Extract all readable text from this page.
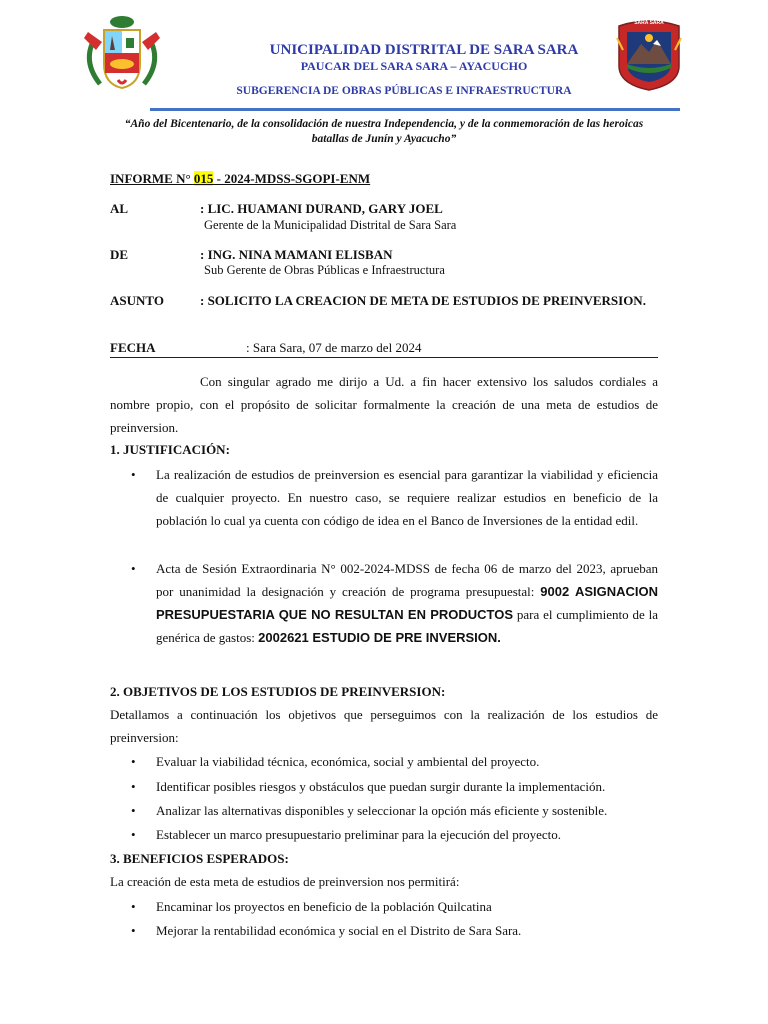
SARA SARA
UNICIPALIDAD DISTRITAL DE SARA SARA
PAUCAR DEL SARA SARA – AYACUCHO
SUBGERENCIA DE OBRAS PÚBLICAS E INFRAESTRUCTURA
“Año del Bicentenario, de la consolidación de nuestra Independencia, y de la conmemoración de las heroicas batallas de Junín y Ayacucho”
INFORME N° 015 - 2024-MDSS-SGOPI-ENM
AL	: LIC. HUAMANI DURAND, GARY JOEL
Gerente de la Municipalidad Distrital de Sara Sara
DE	: ING. NINA MAMANI ELISBAN
Sub Gerente de Obras Públicas e Infraestructura
ASUNTO	: SOLICITO LA CREACION DE META DE ESTUDIOS DE PREINVERSION.
FECHA	: Sara Sara, 07 de marzo del 2024
Con singular agrado me dirijo a Ud. a fin hacer extensivo los saludos cordiales a nombre propio, con el propósito de solicitar formalmente la creación de una meta de estudios de preinversion.
1. JUSTIFICACIÓN:
• La realización de estudios de preinversion es esencial para garantizar la viabilidad y eficiencia de cualquier proyecto. En nuestro caso, se requiere realizar estudios en beneficio de la población lo cual ya cuenta con código de idea en el Banco de Inversiones de la entidad edil.
• Acta de Sesión Extraordinaria N° 002-2024-MDSS de fecha 06 de marzo del 2023, aprueban por unanimidad la designación y creación de programa presupuestal: 9002 ASIGNACION PRESUPUESTARIA QUE NO RESULTAN EN PRODUCTOS para el cumplimiento de la genérica de gastos: 2002621 ESTUDIO DE PRE INVERSION.
2. OBJETIVOS DE LOS ESTUDIOS DE PREINVERSION:
Detallamos a continuación los objetivos que perseguimos con la realización de los estudios de preinversion:
• Evaluar la viabilidad técnica, económica, social y ambiental del proyecto.
• Identificar posibles riesgos y obstáculos que puedan surgir durante la implementación.
• Analizar las alternativas disponibles y seleccionar la opción más eficiente y sostenible.
• Establecer un marco presupuestario preliminar para la ejecución del proyecto.
3. BENEFICIOS ESPERADOS:
La creación de esta meta de estudios de preinversion nos permitirá:
• Encaminar los proyectos en beneficio de la población Quilcatina
• Mejorar la rentabilidad económica y social en el Distrito de Sara Sara.
